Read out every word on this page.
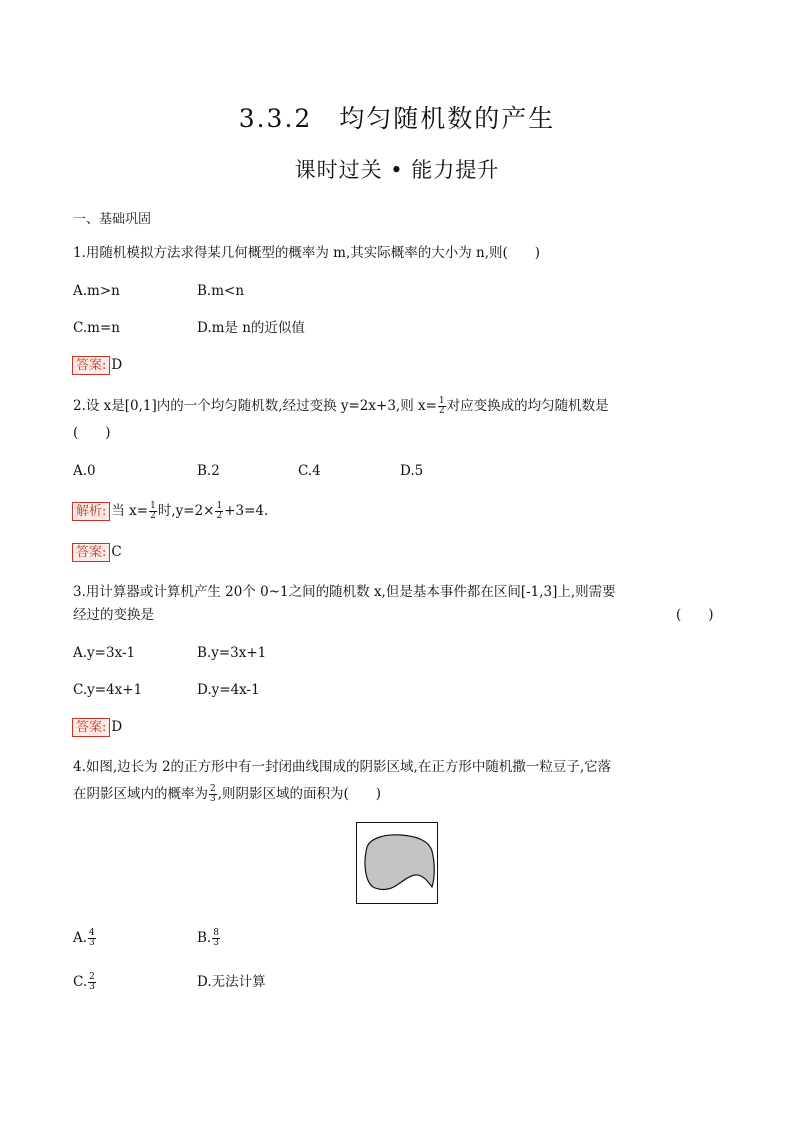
3.3.2　均匀随机数的产生
课时过关 • 能力提升
一、基础巩固
1.用随机模拟方法求得某几何概型的概率为 m,其实际概率的大小为 n,则(　　)
A.m>n	B.m<n
C.m=n	D.m是 n的近似值
答案: D
2.设 x是[0,1]内的一个均匀随机数,经过变换 y=2x+3,则 $x= \frac{1}{2}$ 对应变换成的均匀随机数是
(　　)
A.0	B.2	C.4	D.5
解析: 当 $x= \frac{1}{2}$ 时$,y=2\times \frac{1}{2} +3=4$.
答案: C
3.用计算器或计算机产生 20个 0~1之间的随机数 x,但是基本事件都在区间[-1,3]上,则需要
经过的变换是	(　　)
A.y=3x-1	B.y=3x+1
C.y=4x+1	D.y=4x-1
答案: D
4.如图,边长为 2的正方形中有一封闭曲线围成的阴影区域,在正方形中随机撒一粒豆子,它落
在阴影区域内的概率为 $\frac{2}{3}$ ,则阴影区域的面积为(　　)
A. $\frac{4}{3}$	B. $\frac{8}{3}$
C. $\frac{2}{3}$	D.无法计算
